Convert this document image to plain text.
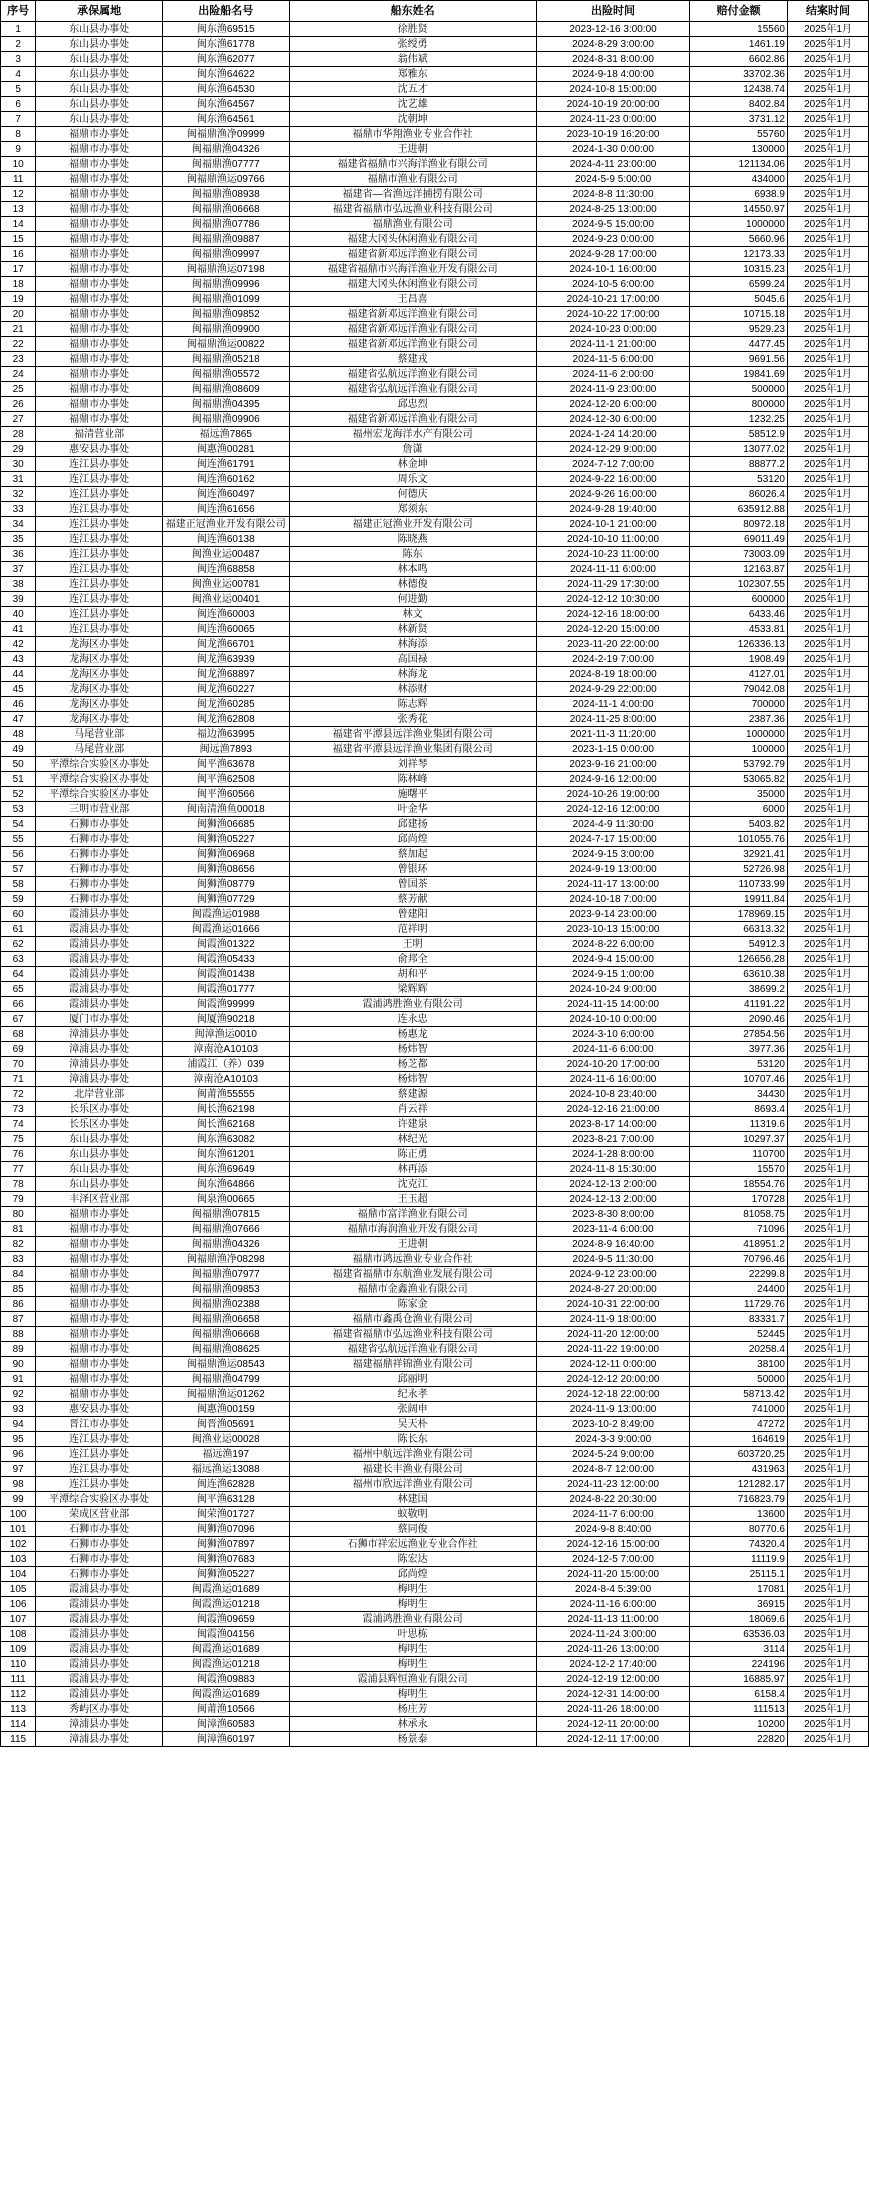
序号	承保属地	出险船名号	船东姓名	出险时间	赔付金额	结案时间
1	东山县办事处	闽东渔69515	徐胜贤	2023-12-16 3:00:00	15560	2025年1月
2	东山县办事处	闽东渔61778	张绶勇	2024-8-29 3:00:00	1461.19	2025年1月
3	东山县办事处	闽东渔62077	翁伟斌	2024-8-31 8:00:00	6602.86	2025年1月
4	东山县办事处	闽东渔64622	郑雅东	2024-9-18 4:00:00	33702.36	2025年1月
5	东山县办事处	闽东渔64530	沈五才	2024-10-8 15:00:00	12438.74	2025年1月
6	东山县办事处	闽东渔64567	沈艺雄	2024-10-19 20:00:00	8402.84	2025年1月
7	东山县办事处	闽东渔64561	沈朝坤	2024-11-23 0:00:00	3731.12	2025年1月
8	福鼎市办事处	闽福鼎渔净09999	福鼎市华翔渔业专业合作社	2023-10-19 16:20:00	55760	2025年1月
9	福鼎市办事处	闽福鼎渔04326	王进朝	2024-1-30 0:00:00	130000	2025年1月
10	福鼎市办事处	闽福鼎渔07777	福建省福鼎市兴海洋渔业有限公司	2024-4-11 23:00:00	121134.06	2025年1月
11	福鼎市办事处	闽福鼎渔运09766	福鼎市渔业有限公司	2024-5-9 5:00:00	434000	2025年1月
12	福鼎市办事处	闽福鼎渔08938	福建省—省渔远洋捕捞有限公司	2024-8-8 11:30:00	6938.9	2025年1月
13	福鼎市办事处	闽福鼎渔06668	福建省福鼎市弘远渔业科技有限公司	2024-8-25 13:00:00	14550.97	2025年1月
14	福鼎市办事处	闽福鼎渔07786	福鼎渔业有限公司	2024-9-5 15:00:00	1000000	2025年1月
15	福鼎市办事处	闽福鼎渔09887	福建大冈头休闲渔业有限公司	2024-9-23 0:00:00	5660.96	2025年1月
16	福鼎市办事处	闽福鼎渔09997	福建省新邓远洋渔业有限公司	2024-9-28 17:00:00	12173.33	2025年1月
17	福鼎市办事处	闽福鼎渔运07198	福建省福鼎市兴海洋渔业开发有限公司	2024-10-1 16:00:00	10315.23	2025年1月
18	福鼎市办事处	闽福鼎渔09996	福建大冈头休闲渔业有限公司	2024-10-5 6:00:00	6599.24	2025年1月
19	福鼎市办事处	闽福鼎渔01099	王昌喜	2024-10-21 17:00:00	5045.6	2025年1月
20	福鼎市办事处	闽福鼎渔09852	福建省新邓远洋渔业有限公司	2024-10-22 17:00:00	10715.18	2025年1月
21	福鼎市办事处	闽福鼎渔09900	福建省新邓远洋渔业有限公司	2024-10-23 0:00:00	9529.23	2025年1月
22	福鼎市办事处	闽福鼎渔运00822	福建省新邓远洋渔业有限公司	2024-11-1 21:00:00	4477.45	2025年1月
23	福鼎市办事处	闽福鼎渔05218	蔡建戎	2024-11-5 6:00:00	9691.56	2025年1月
24	福鼎市办事处	闽福鼎渔05572	福建省弘航远洋渔业有限公司	2024-11-6 2:00:00	19841.69	2025年1月
25	福鼎市办事处	闽福鼎渔08609	福建省弘航远洋渔业有限公司	2024-11-9 23:00:00	500000	2025年1月
26	福鼎市办事处	闽福鼎渔04395	邱忠烈	2024-12-20 6:00:00	800000	2025年1月
27	福鼎市办事处	闽福鼎渔09906	福建省新邓远洋渔业有限公司	2024-12-30 6:00:00	1232.25	2025年1月
28	福清营业部	福远渔7865	福州宏龙海洋水产有限公司	2024-1-24 14:20:00	58512.9	2025年1月
29	惠安县办事处	闽惠渔00281	詹潇	2024-12-29 9:00:00	13077.02	2025年1月
30	连江县办事处	闽连渔61791	林金坤	2024-7-12 7:00:00	88877.2	2025年1月
31	连江县办事处	闽连渔60162	周乐文	2024-9-22 16:00:00	53120	2025年1月
32	连江县办事处	闽连渔60497	何德庆	2024-9-26 16:00:00	86026.4	2025年1月
33	连江县办事处	闽连渔61656	郑须东	2024-9-28 19:40:00	635912.88	2025年1月
34	连江县办事处	福建正冠渔业开发有限公司	福建正冠渔业开发有限公司	2024-10-1 21:00:00	80972.18	2025年1月
35	连江县办事处	闽连渔60138	陈晓燕	2024-10-10 11:00:00	69011.49	2025年1月
36	连江县办事处	闽渔业运00487	陈东	2024-10-23 11:00:00	73003.09	2025年1月
37	连江县办事处	闽连渔68858	林本鸣	2024-11-11 6:00:00	12163.87	2025年1月
38	连江县办事处	闽渔业运00781	林德俊	2024-11-29 17:30:00	102307.55	2025年1月
39	连江县办事处	闽渔业运00401	何进勤	2024-12-12 10:30:00	600000	2025年1月
40	连江县办事处	闽连渔60003	林文	2024-12-16 18:00:00	6433.46	2025年1月
41	连江县办事处	闽连渔60065	林新贤	2024-12-20 15:00:00	4533.81	2025年1月
42	龙海区办事处	闽龙渔66701	林海添	2023-11-20 22:00:00	126336.13	2025年1月
43	龙海区办事处	闽龙渔63939	高国禄	2024-2-19 7:00:00	1908.49	2025年1月
44	龙海区办事处	闽龙渔68897	林海龙	2024-8-19 18:00:00	4127.01	2025年1月
45	龙海区办事处	闽龙渔60227	林添财	2024-9-29 22:00:00	79042.08	2025年1月
46	龙海区办事处	闽龙渔60285	陈志辉	2024-11-1 4:00:00	700000	2025年1月
47	龙海区办事处	闽龙渔62808	张秀花	2024-11-25 8:00:00	2387.36	2025年1月
48	马尾营业部	福边渔63995	福建省平潭县远洋渔业集团有限公司	2021-11-3 11:20:00	1000000	2025年1月
49	马尾营业部	闽远渔7893	福建省平潭县远洋渔业集团有限公司	2023-1-15 0:00:00	100000	2025年1月
50	平潭综合实验区办事处	闽平渔63678	刘祥琴	2023-9-16 21:00:00	53792.79	2025年1月
51	平潭综合实验区办事处	闽平渔62508	陈林峰	2024-9-16 12:00:00	53065.82	2025年1月
52	平潭综合实验区办事处	闽平渔60566	施曙平	2024-10-26 19:00:00	35000	2025年1月
53	三明市营业部	闽南清渔鱼00018	叶金华	2024-12-16 12:00:00	6000	2025年1月
54	石狮市办事处	闽狮渔06685	邱建扬	2024-4-9 11:30:00	5403.82	2025年1月
55	石狮市办事处	闽狮渔05227	邱尚煌	2024-7-17 15:00:00	101055.76	2025年1月
56	石狮市办事处	闽狮渔06968	蔡加起	2024-9-15 3:00:00	32921.41	2025年1月
57	石狮市办事处	闽狮渔08656	曾银环	2024-9-19 13:00:00	52726.98	2025年1月
58	石狮市办事处	闽狮渔08779	曾国茶	2024-11-17 13:00:00	110733.99	2025年1月
59	石狮市办事处	闽狮渔07729	蔡芳献	2024-10-18 7:00:00	19911.84	2025年1月
60	霞浦县办事处	闽霞渔运01988	曾建阳	2023-9-14 23:00:00	178969.15	2025年1月
61	霞浦县办事处	闽霞渔运01666	范祥明	2023-10-13 15:00:00	66313.32	2025年1月
62	霞浦县办事处	闽霞渔01322	王明	2024-8-22 6:00:00	54912.3	2025年1月
63	霞浦县办事处	闽霞渔05433	俞邦全	2024-9-4 15:00:00	126656.28	2025年1月
64	霞浦县办事处	闽霞渔01438	胡和平	2024-9-15 1:00:00	63610.38	2025年1月
65	霞浦县办事处	闽霞渔01777	梁辉辉	2024-10-24 9:00:00	38699.2	2025年1月
66	霞浦县办事处	闽霞渔99999	霞浦鸿胜渔业有限公司	2024-11-15 14:00:00	41191.22	2025年1月
67	厦门市办事处	闽厦渔90218	连永忠	2024-10-10 0:00:00	2090.46	2025年1月
68	漳浦县办事处	闽漳渔运0010	杨惠龙	2024-3-10 6:00:00	27854.56	2025年1月
69	漳浦县办事处	漳南沧A10103	杨炜智	2024-11-6 6:00:00	3977.36	2025年1月
70	漳浦县办事处	浦霞江（养）039	杨芝都	2024-10-20 17:00:00	53120	2025年1月
71	漳浦县办事处	漳南沧A10103	杨炜智	2024-11-6 16:00:00	10707.46	2025年1月
72	北岸营业部	闽莆渔55555	蔡建源	2024-10-8 23:40:00	34430	2025年1月
73	长乐区办事处	闽长渔62198	肖云祥	2024-12-16 21:00:00	8693.4	2025年1月
74	长乐区办事处	闽长渔62168	许建泉	2023-8-17 14:00:00	11319.6	2025年1月
75	东山县办事处	闽东渔63082	林纪光	2023-8-21 7:00:00	10297.37	2025年1月
76	东山县办事处	闽东渔61201	陈正勇	2024-1-28 8:00:00	110700	2025年1月
77	东山县办事处	闽东渔69649	林再添	2024-11-8 15:30:00	15570	2025年1月
78	东山县办事处	闽东渔64866	沈克江	2024-12-13 2:00:00	18554.76	2025年1月
79	丰泽区营业部	闽泉渔00665	王玉超	2024-12-13 2:00:00	170728	2025年1月
80	福鼎市办事处	闽福鼎渔07815	福鼎市富洋渔业有限公司	2023-8-30 8:00:00	81058.75	2025年1月
81	福鼎市办事处	闽福鼎渔07666	福鼎市海润渔业开发有限公司	2023-11-4 6:00:00	71096	2025年1月
82	福鼎市办事处	闽福鼎渔04326	王进朝	2024-8-9 16:40:00	418951.2	2025年1月
83	福鼎市办事处	闽福鼎渔净08298	福鼎市鸿远渔业专业合作社	2024-9-5 11:30:00	70796.46	2025年1月
84	福鼎市办事处	闽福鼎渔07977	福建省福鼎市东航渔业发展有限公司	2024-9-12 23:00:00	22299.8	2025年1月
85	福鼎市办事处	闽福鼎渔09853	福鼎市金鑫渔业有限公司	2024-8-27 20:00:00	24400	2025年1月
86	福鼎市办事处	闽福鼎渔02388	陈家金	2024-10-31 22:00:00	11729.76	2025年1月
87	福鼎市办事处	闽福鼎渔06658	福鼎市鑫禹仓渔业有限公司	2024-11-9 18:00:00	83331.7	2025年1月
88	福鼎市办事处	闽福鼎渔06668	福建省福鼎市弘远渔业科技有限公司	2024-11-20 12:00:00	52445	2025年1月
89	福鼎市办事处	闽福鼎渔08625	福建省弘航远洋渔业有限公司	2024-11-22 19:00:00	20258.4	2025年1月
90	福鼎市办事处	闽福鼎渔运08543	福建福鼎祥锦渔业有限公司	2024-12-11 0:00:00	38100	2025年1月
91	福鼎市办事处	闽福鼎渔04799	邱丽明	2024-12-12 20:00:00	50000	2025年1月
92	福鼎市办事处	闽福鼎渔运01262	纪永孝	2024-12-18 22:00:00	58713.42	2025年1月
93	惠安县办事处	闽惠渔00159	张阔申	2024-11-9 13:00:00	741000	2025年1月
94	晋江市办事处	闽晋渔05691	吴天朴	2023-10-2 8:49:00	47272	2025年1月
95	连江县办事处	闽渔业运00028	陈长东	2024-3-3 9:00:00	164619	2025年1月
96	连江县办事处	福远渔197	福州中航远洋渔业有限公司	2024-5-24 9:00:00	603720.25	2025年1月
97	连江县办事处	福远渔运13088	福建长丰渔业有限公司	2024-8-7 12:00:00	431963	2025年1月
98	连江县办事处	闽连渔62828	福州市欣远洋渔业有限公司	2024-11-23 12:00:00	121282.17	2025年1月
99	平潭综合实验区办事处	闽平渔63128	林建国	2024-8-22 20:30:00	716823.79	2025年1月
100	荣成区营业部	闽荣渔01727	蚁敬明	2024-11-7 6:00:00	13600	2025年1月
101	石狮市办事处	闽狮渔07096	蔡同俊	2024-9-8 8:40:00	80770.6	2025年1月
102	石狮市办事处	闽狮渔07897	石狮市祥宏远渔业专业合作社	2024-12-16 15:00:00	74320.4	2025年1月
103	石狮市办事处	闽狮渔07683	陈宏达	2024-12-5 7:00:00	11119.9	2025年1月
104	石狮市办事处	闽狮渔05227	邱尚煌	2024-11-20 15:00:00	25115.1	2025年1月
105	霞浦县办事处	闽霞渔运01689	梅明生	2024-8-4 5:39:00	17081	2025年1月
106	霞浦县办事处	闽霞渔运01218	梅明生	2024-11-16 6:00:00	36915	2025年1月
107	霞浦县办事处	闽霞渔09659	霞浦鸿胜渔业有限公司	2024-11-13 11:00:00	18069.6	2025年1月
108	霞浦县办事处	闽霞渔04156	叶思栋	2024-11-24 3:00:00	63536.03	2025年1月
109	霞浦县办事处	闽霞渔运01689	梅明生	2024-11-26 13:00:00	3114	2025年1月
110	霞浦县办事处	闽霞渔运01218	梅明生	2024-12-2 17:40:00	224196	2025年1月
111	霞浦县办事处	闽霞渔09883	霞浦县辉恒渔业有限公司	2024-12-19 12:00:00	16885.97	2025年1月
112	霞浦县办事处	闽霞渔运01689	梅明生	2024-12-31 14:00:00	6158.4	2025年1月
113	秀屿区办事处	闽莆渔10566	杨庄芳	2024-11-26 18:00:00	111513	2025年1月
114	漳浦县办事处	闽漳渔60583	林承永	2024-12-11 20:00:00	10200	2025年1月
115	漳浦县办事处	闽漳渔60197	杨景泰	2024-12-11 17:00:00	22820	2025年1月
